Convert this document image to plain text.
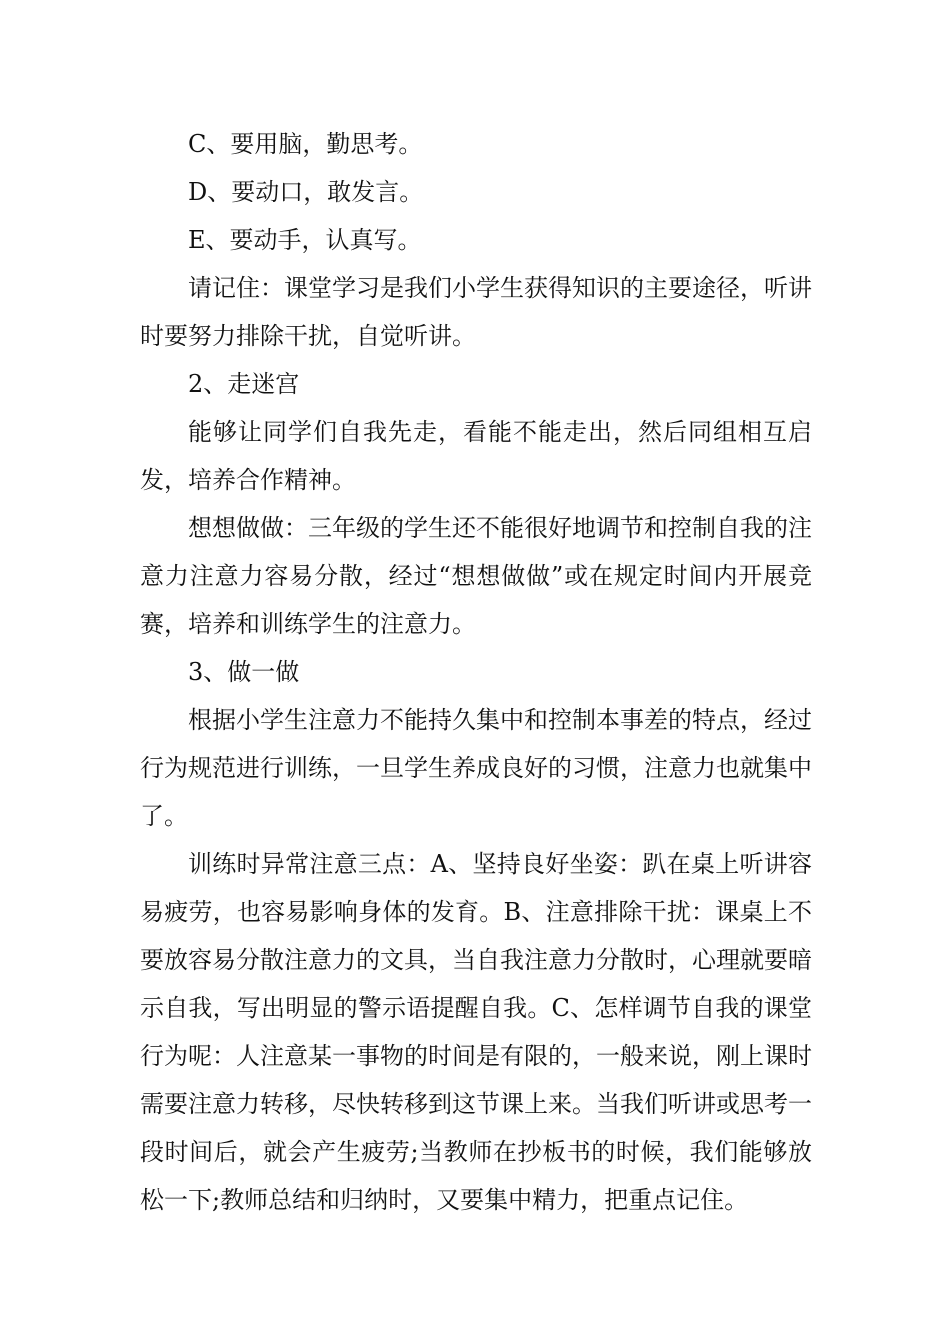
C、要用脑，勤思考。

D、要动口，敢发言。

E、要动手，认真写。

请记住：课堂学习是我们小学生获得知识的主要途径，听讲时要努力排除干扰，自觉听讲。

2、走迷宫

能够让同学们自我先走，看能不能走出，然后同组相互启发，培养合作精神。

想想做做：三年级的学生还不能很好地调节和控制自我的注意力注意力容易分散，经过“想想做做”或在规定时间内开展竞赛，培养和训练学生的注意力。

3、做一做

根据小学生注意力不能持久集中和控制本事差的特点，经过行为规范进行训练，一旦学生养成良好的习惯，注意力也就集中了。

训练时异常注意三点：A、坚持良好坐姿：趴在桌上听讲容易疲劳，也容易影响身体的发育。B、注意排除干扰：课桌上不要放容易分散注意力的文具，当自我注意力分散时，心理就要暗示自我，写出明显的警示语提醒自我。C、怎样调节自我的课堂行为呢：人注意某一事物的时间是有限的，一般来说，刚上课时需要注意力转移，尽快转移到这节课上来。当我们听讲或思考一段时间后，就会产生疲劳;当教师在抄板书的时候，我们能够放松一下;教师总结和归纳时，又要集中精力，把重点记住。
